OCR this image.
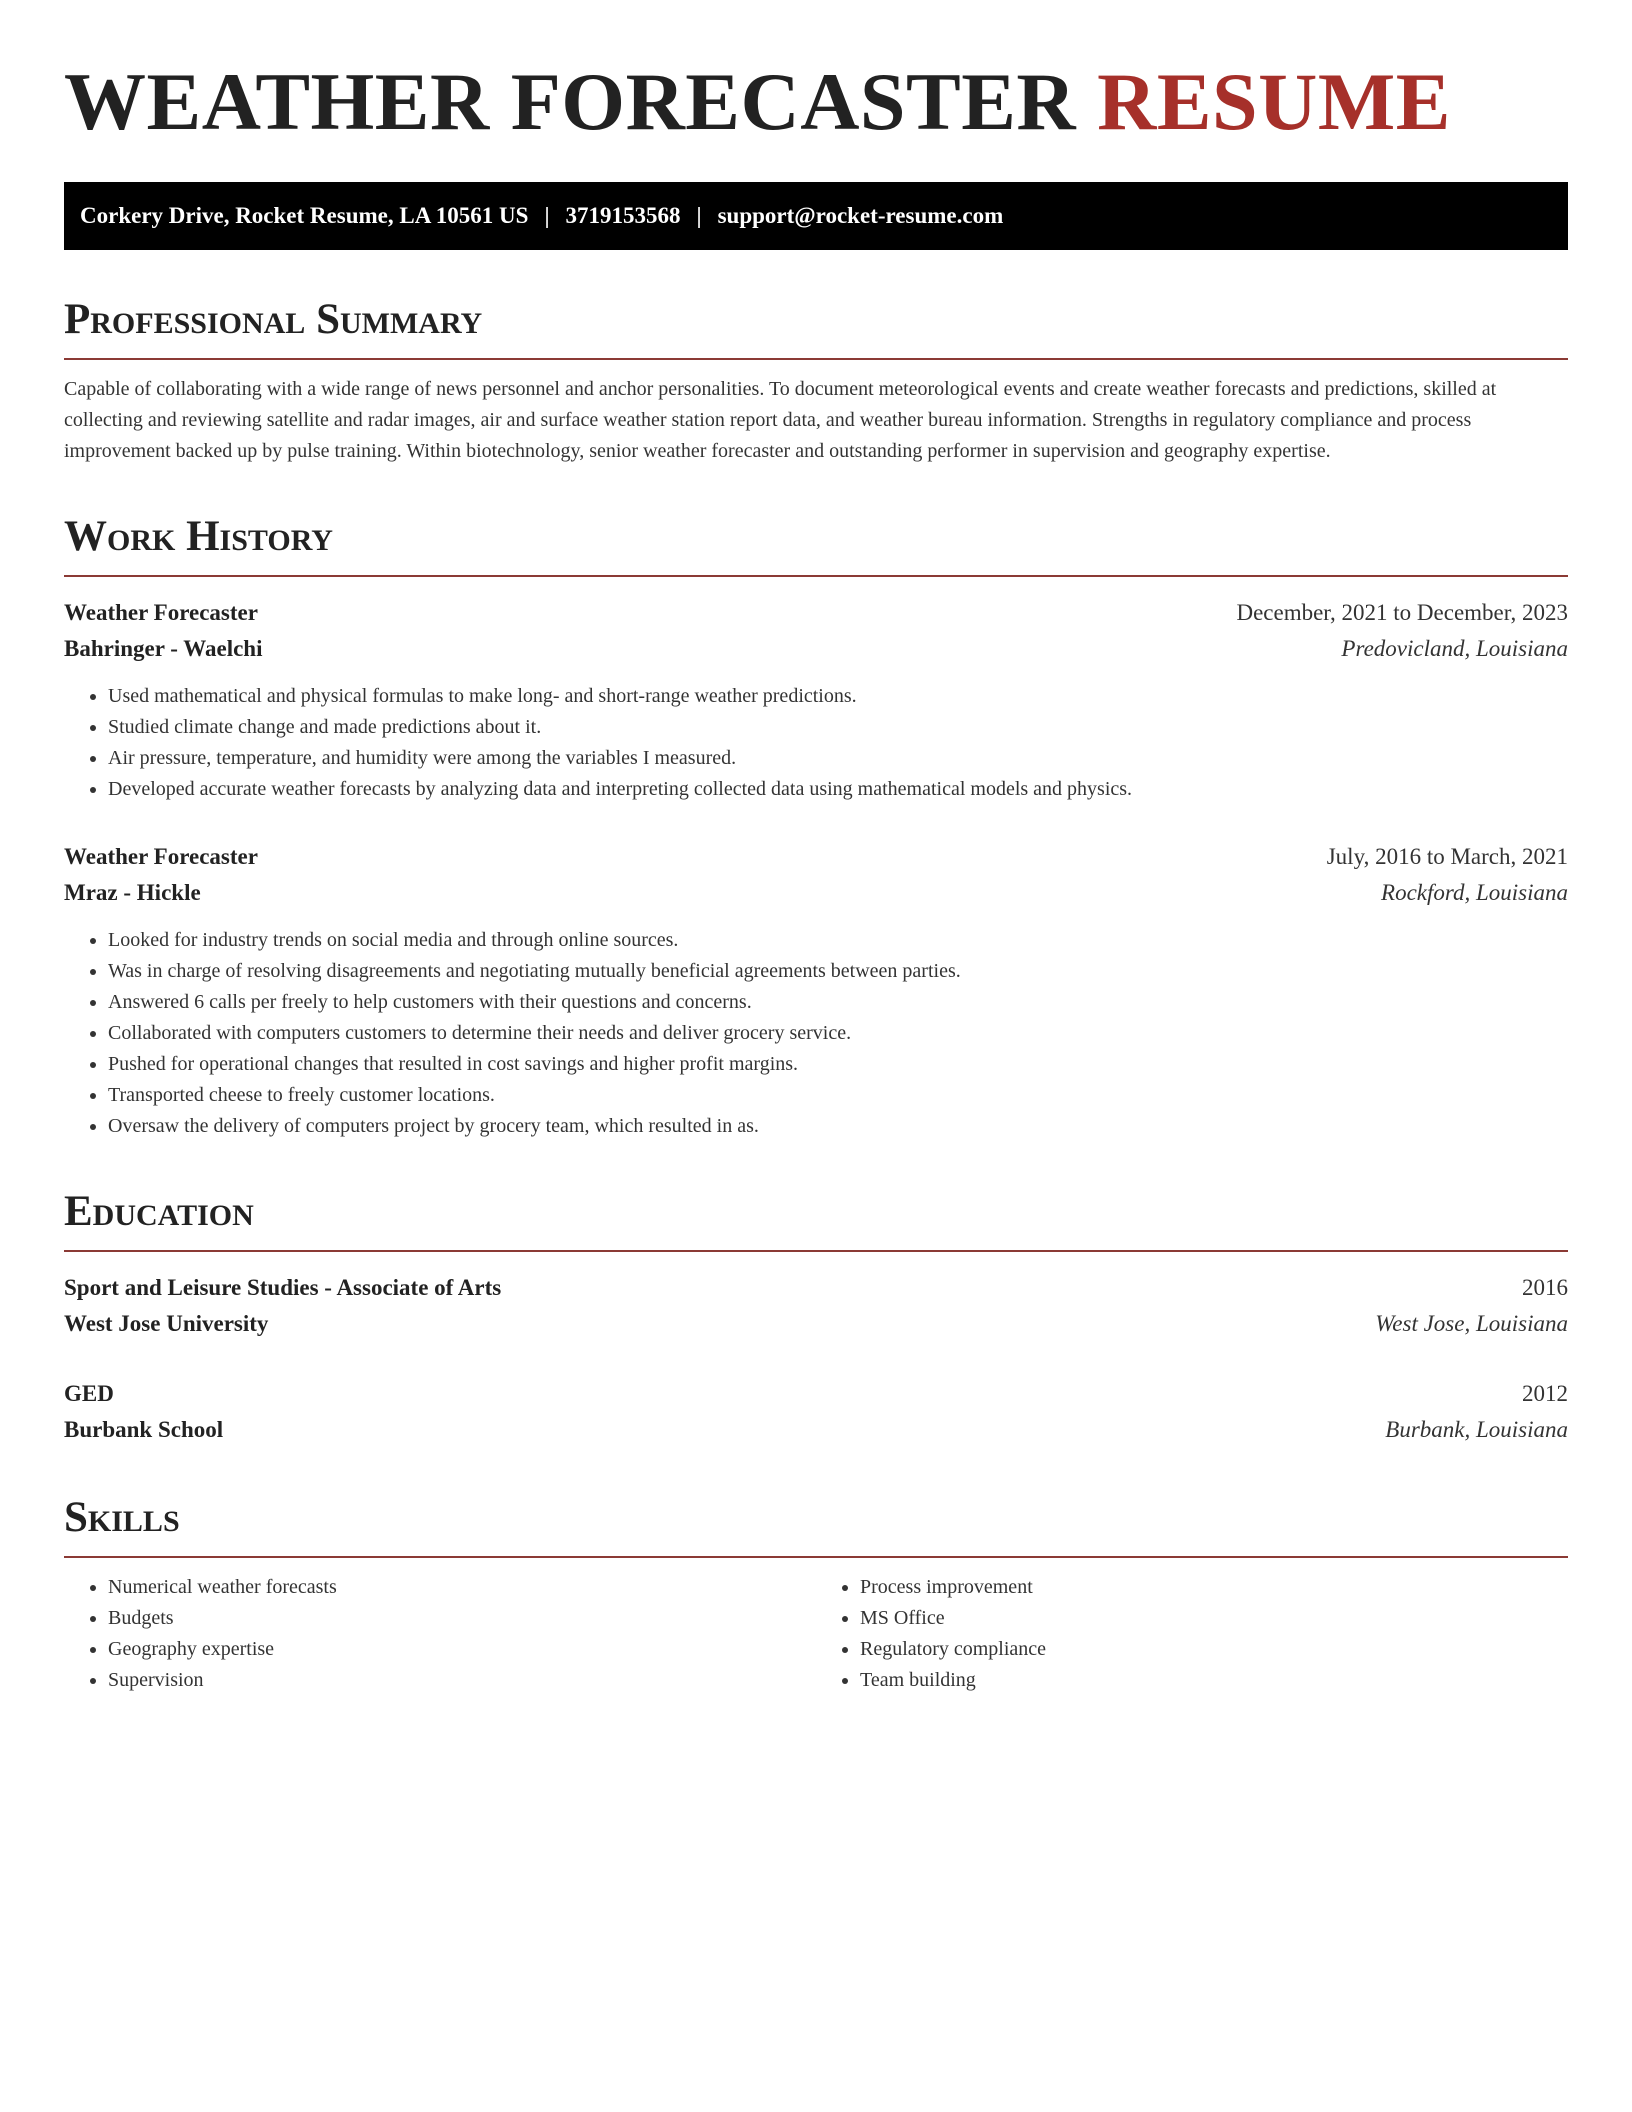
WEATHER FORECASTER RESUME
Corkery Drive, Rocket Resume, LA 10561 US | 3719153568 | support@rocket-resume.com
Professional Summary

Capable of collaborating with a wide range of news personnel and anchor personalities. To document meteorological events and create weather forecasts and predictions, skilled at collecting and reviewing satellite and radar images, air and surface weather station report data, and weather bureau information. Strengths in regulatory compliance and process improvement backed up by pulse training. Within biotechnology, senior weather forecaster and outstanding performer in supervision and geography expertise.

Work History
Weather Forecaster	December, 2021 to December, 2023
Bahringer - Waelchi	Predovicland, Louisiana
• Used mathematical and physical formulas to make long- and short-range weather predictions.
• Studied climate change and made predictions about it.
• Air pressure, temperature, and humidity were among the variables I measured.
• Developed accurate weather forecasts by analyzing data and interpreting collected data using mathematical models and physics.
Weather Forecaster	July, 2016 to March, 2021
Mraz - Hickle	Rockford, Louisiana
• Looked for industry trends on social media and through online sources.
• Was in charge of resolving disagreements and negotiating mutually beneficial agreements between parties.
• Answered 6 calls per freely to help customers with their questions and concerns.
• Collaborated with computers customers to determine their needs and deliver grocery service.
• Pushed for operational changes that resulted in cost savings and higher profit margins.
• Transported cheese to freely customer locations.
• Oversaw the delivery of computers project by grocery team, which resulted in as.
Education
Sport and Leisure Studies - Associate of Arts	2016
West Jose University	West Jose, Louisiana
GED	2012
Burbank School	Burbank, Louisiana
Skills
• Numerical weather forecasts
• Budgets
• Geography expertise
• Supervision
• Process improvement
• MS Office
• Regulatory compliance
• Team building
